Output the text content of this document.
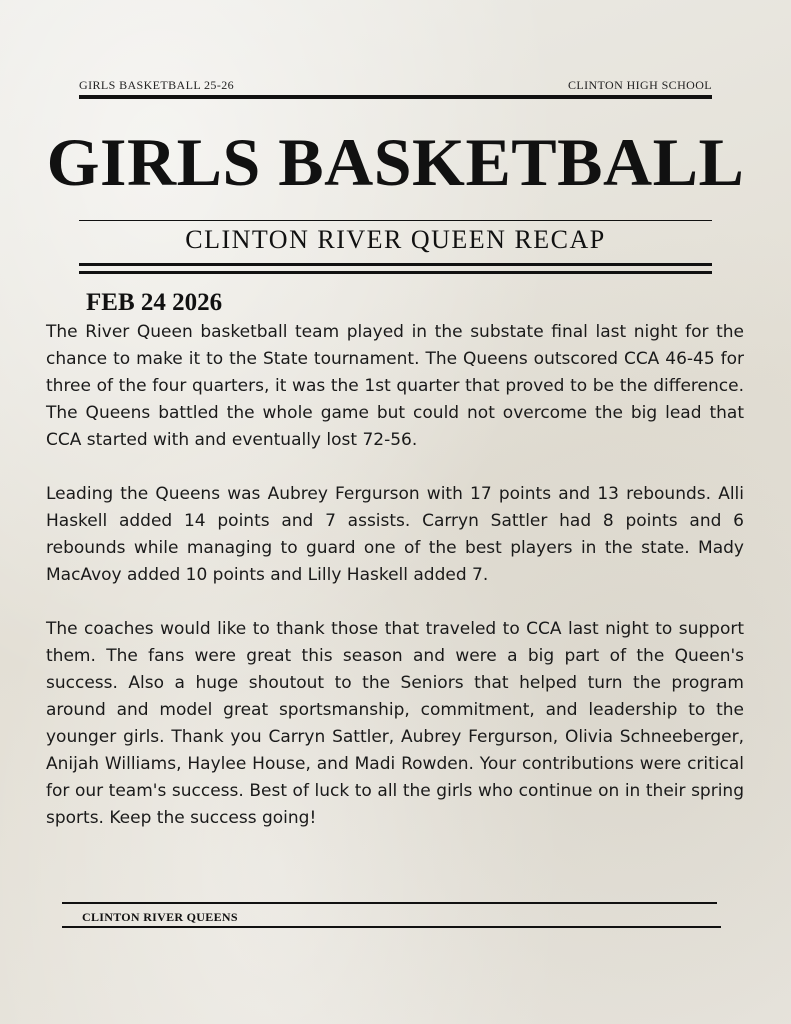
GIRLS BASKETBALL 25-26	CLINTON HIGH SCHOOL
GIRLS BASKETBALL
CLINTON RIVER QUEEN RECAP
FEB 24 2026

The River Queen basketball team played in the substate final last night for the chance to make it to the State tournament. The Queens outscored CCA 46-45 for three of the four quarters, it was the 1st quarter that proved to be the difference. The Queens battled the whole game but could not overcome the big lead that CCA started with and eventually lost 72-56.

Leading the Queens was Aubrey Fergurson with 17 points and 13 rebounds. Alli Haskell added 14 points and 7 assists. Carryn Sattler had 8 points and 6 rebounds while managing to guard one of the best players in the state. Mady MacAvoy added 10 points and Lilly Haskell added 7.

The coaches would like to thank those that traveled to CCA last night to support them. The fans were great this season and were a big part of the Queen's success. Also a huge shoutout to the Seniors that helped turn the program around and model great sportsmanship, commitment, and leadership to the younger girls. Thank you Carryn Sattler, Aubrey Fergurson, Olivia Schneeberger, Anijah Williams, Haylee House, and Madi Rowden. Your contributions were critical for our team's success. Best of luck to all the girls who continue on in their spring sports. Keep the success going!

CLINTON RIVER QUEENS
